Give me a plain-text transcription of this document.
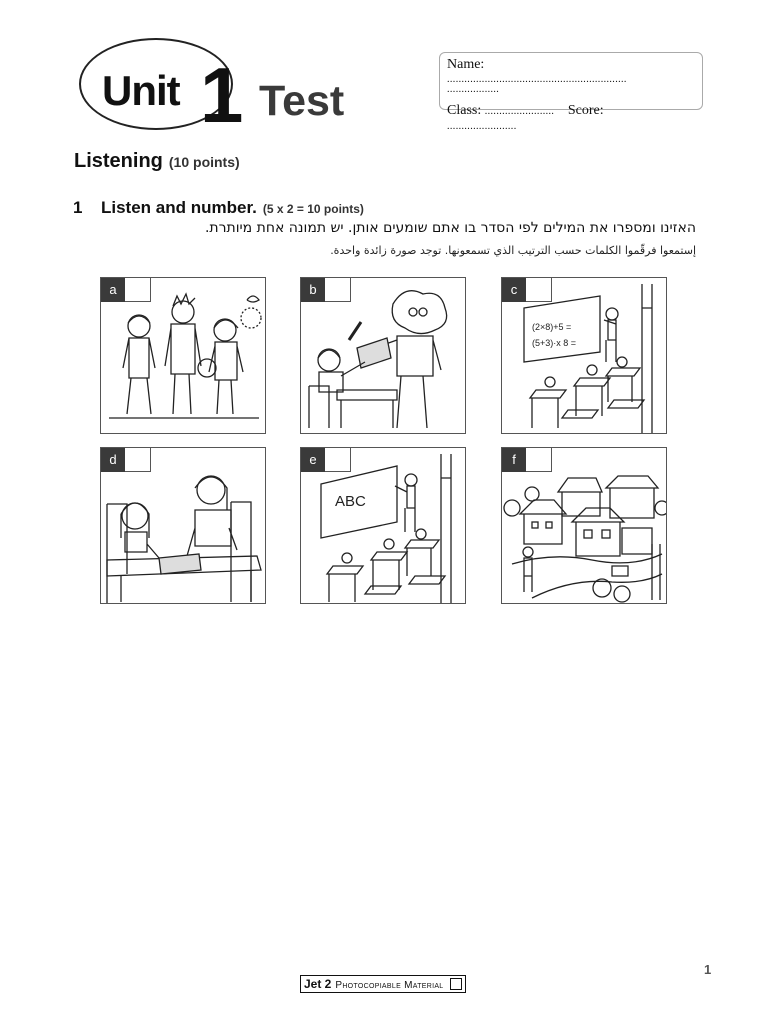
Unit 1 Test
Name:
..............................................................
..................
Class: ........................ Score:
........................
Listening (10 points)
1 Listen and number. (5 x 2 = 10 points)
האזינו ומספרו את המילים לפי הסדר בו אתם שומעים אותן. יש תמונה אחת מיותרת.
إستمعوا فرقّموا الكلمات حسب الترتيب الذي تسمعونها. توجد صورة زائدة واحدة.
a	b	c
(2×8)+5 =
(5+3)·x 8 =
d	e
ABC
f
1
Jet 2 Photocopiable Material
